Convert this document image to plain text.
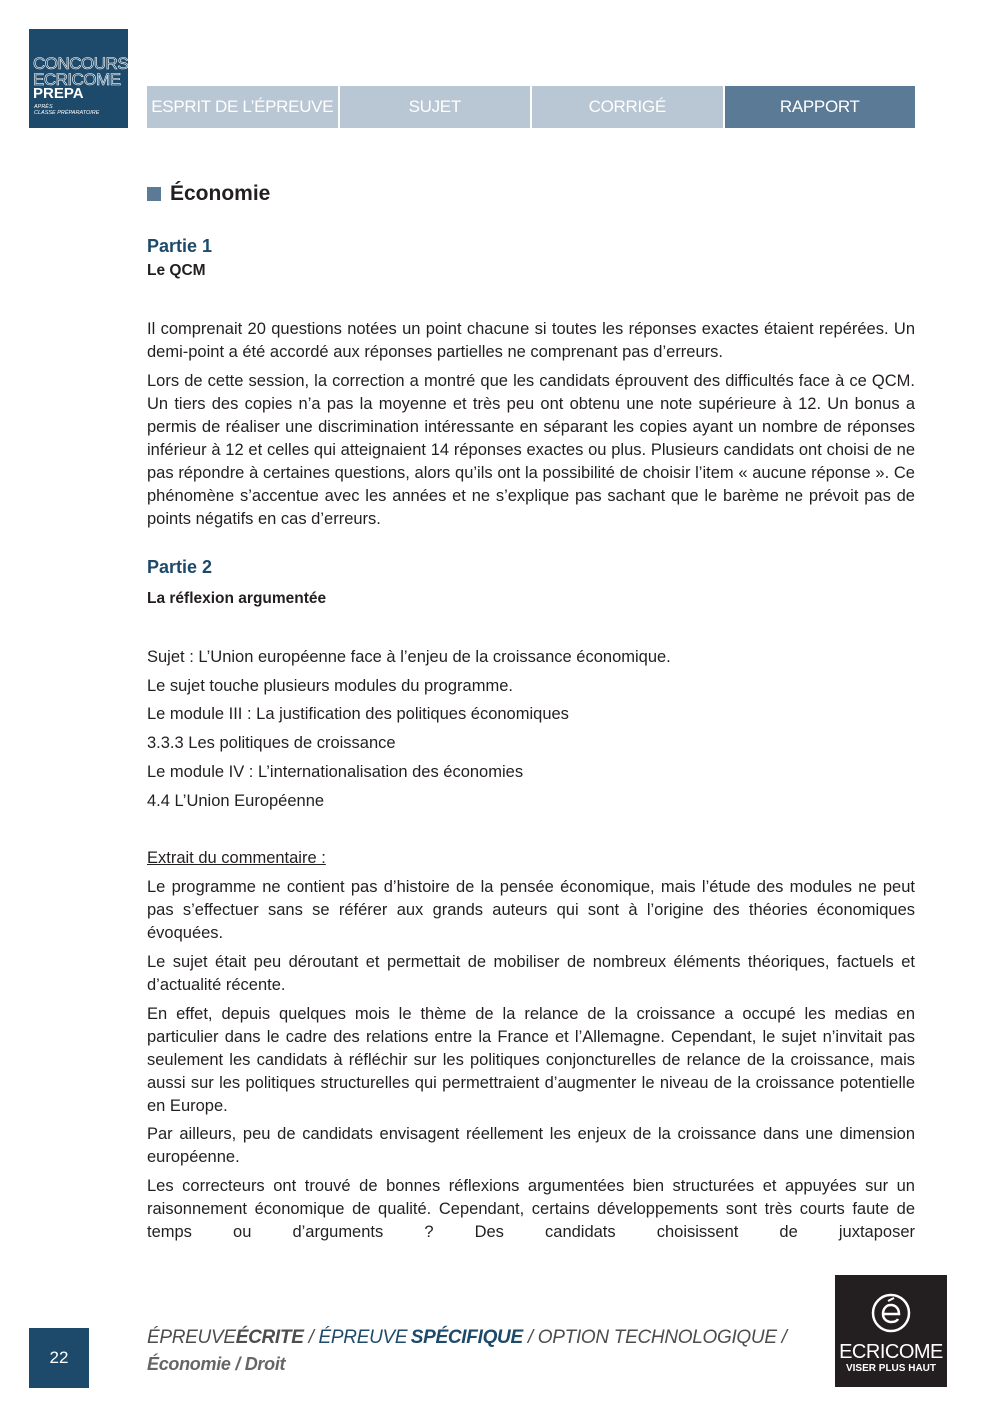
CONCOURS
ECRICOME
PREPA
APRÈS
CLASSE PRÉPARATOIRE	ESPRIT DE L’ÉPREUVE	SUJET	CORRIGÉ	RAPPORT
Économie
Partie 1
Le QCM
Il comprenait 20 questions notées un point chacune si toutes les réponses exactes étaient repérées. Un demi-point a été accordé aux réponses partielles ne comprenant pas d’erreurs.
Lors de cette session, la correction a montré que les candidats éprouvent des difficultés face à ce QCM. Un tiers des copies n’a pas la moyenne et très peu ont obtenu une note supérieure à 12. Un bonus a permis de réaliser une discrimination intéressante en séparant les copies ayant un nombre de réponses inférieur à 12 et celles qui atteignaient 14 réponses exactes ou plus. Plusieurs candidats ont choisi de ne pas répondre à certaines questions, alors qu’ils ont la possibilité de choisir l’item « aucune réponse ». Ce phénomène s’accentue avec les années et ne s’explique pas sachant que le barème ne prévoit pas de points négatifs en cas d’erreurs.
Partie 2
La réflexion argumentée
Sujet : L’Union européenne face à l’enjeu de la croissance économique.
Le sujet touche plusieurs modules du programme.
Le module III : La justification des politiques économiques
3.3.3 Les politiques de croissance
Le module IV : L’internationalisation des économies
4.4 L’Union Européenne
Extrait du commentaire :
Le programme ne contient pas d’histoire de la pensée économique, mais l’étude des modules ne peut pas s’effectuer sans se référer aux grands auteurs qui sont à l’origine des théories économiques évoquées.
Le sujet était peu déroutant et permettait de mobiliser de nombreux éléments théoriques, factuels et d’actualité récente.
En effet, depuis quelques mois le thème de la relance de la croissance a occupé les medias en particulier dans le cadre des relations entre la France et l’Allemagne. Cependant, le sujet n’invitait pas seulement les candidats à réfléchir sur les politiques conjoncturelles de relance de la croissance, mais aussi sur les politiques structurelles qui permettraient d’augmenter le niveau de la croissance potentielle en Europe.
Par ailleurs, peu de candidats envisagent réellement les enjeux de la croissance dans une dimension européenne.
Les correcteurs ont trouvé de bonnes réflexions argumentées bien structurées et appuyées sur un raisonnement économique de qualité. Cependant, certains développements sont très courts faute de temps ou d’arguments ? Des candidats choisissent de juxtaposer
22
ÉPREUVEÉCRITE / ÉPREUVE  SPÉCIFIQUE / OPTION TECHNOLOGIQUE /
Économie / Droit
ECRICOME
VISER PLUS HAUT
